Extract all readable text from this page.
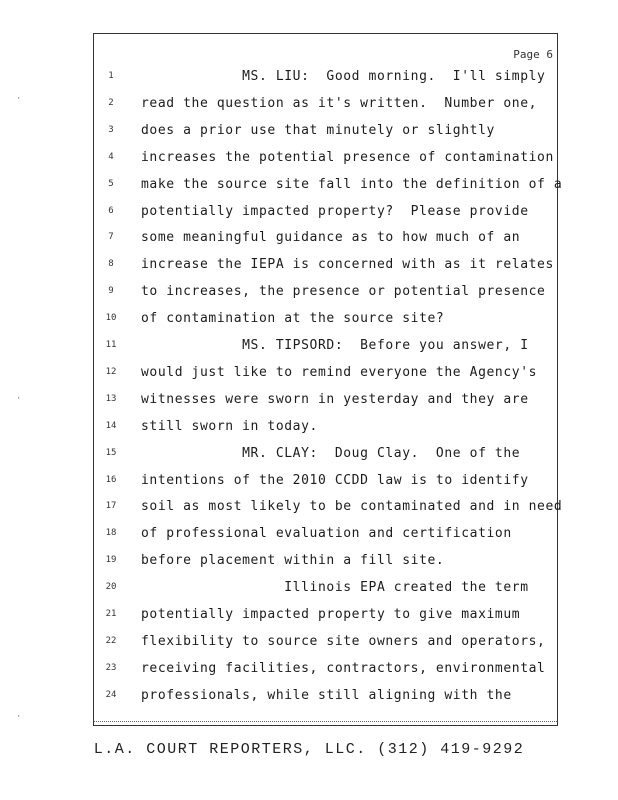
·
·
·
Page 6
1	MS. LIU:  Good morning.  I'll simply
2	read the question as it's written.  Number one,
3	does a prior use that minutely or slightly
4	increases the potential presence of contamination
5	make the source site fall into the definition of a
6	potentially impacted property?  Please provide
7	some meaningful guidance as to how much of an
8	increase the IEPA is concerned with as it relates
9	to increases, the presence or potential presence
10	of contamination at the source site?
11	MS. TIPSORD:  Before you answer, I
12	would just like to remind everyone the Agency's
13	witnesses were sworn in yesterday and they are
14	still sworn in today.
15	MR. CLAY:  Doug Clay.  One of the
16	intentions of the 2010 CCDD law is to identify
17	soil as most likely to be contaminated and in need
18	of professional evaluation and certification
19	before placement within a fill site.
20	Illinois EPA created the term
21	potentially impacted property to give maximum
22	flexibility to source site owners and operators,
23	receiving facilities, contractors, environmental
24	professionals, while still aligning with the
L.A. COURT REPORTERS, LLC. (312) 419-9292
